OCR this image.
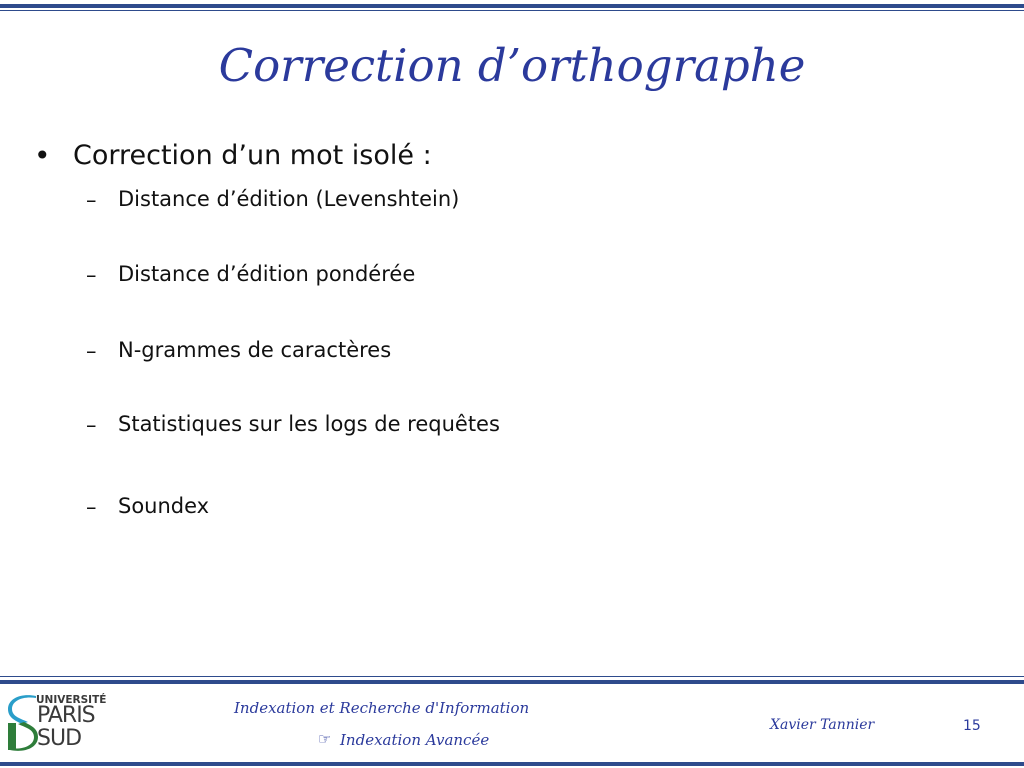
Correction d’orthographe
• Correction d’un mot isolé :
– Distance d’édition (Levenshtein)
– Distance d’édition pondérée
– N-grammes de caractères
– Statistiques sur les logs de requêtes
– Soundex
UNIVERSITÉ
PARIS
SUD
Indexation et Recherche d'Information
☞ Indexation Avancée
Xavier Tannier	15
